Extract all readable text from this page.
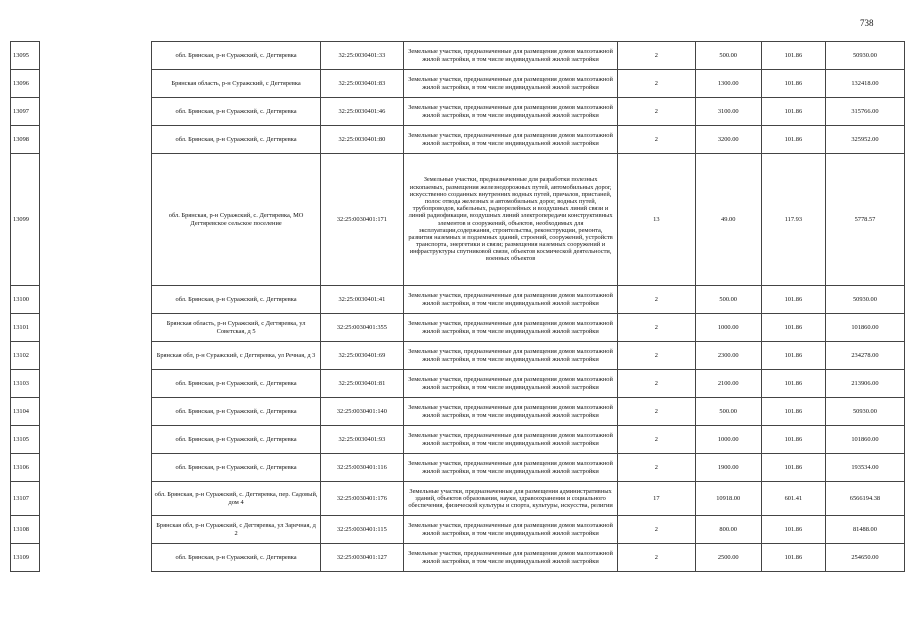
738
13095		обл. Брянская, р-н Суражский, с. Дегтяревка	32:25:0030401:33	Земельные участки, предназначенные для размещения домов малоэтажной жилой застройки, в том числе индивидуальной жилой застройки	2	500.00	101.86	50930.00
13096		Брянская область, р-н Суражский, с Дегтяревка	32:25:0030401:83	Земельные участки, предназначенные для размещения домов малоэтажной жилой застройки, в том числе индивидуальной жилой застройки	2	1300.00	101.86	132418.00
13097		обл. Брянская, р-н Суражский, с. Дегтяревка	32:25:0030401:46	Земельные участки, предназначенные для размещения домов малоэтажной жилой застройки, в том числе индивидуальной жилой застройки	2	3100.00	101.86	315766.00
13098		обл. Брянская, р-н Суражский, с. Дегтяревка	32:25:0030401:80	Земельные участки, предназначенные для размещения домов малоэтажной жилой застройки, в том числе индивидуальной жилой застройки	2	3200.00	101.86	325952.00
13099		обл. Брянская, р-н Суражский, с. Дегтяревка, МО Дегтяревское сельское поселение	32:25:0030401:171	Земельные участки, предназначенные для разработки полезных ископаемых, размещения железнодорожных путей, автомобильных дорог, искусственно созданных внутренних водных путей, причалов, пристаней, полос отвода железных и автомобильных дорог, водных путей, трубопроводов, кабельных, радиорелейных и воздушных линий связи и линий радиофикации, воздушных линий электропередачи конструктивных элементов и сооружений, объектов, необходимых для эксплуатации,содержания, строительства, реконструкции, ремонта, развития наземных и подземных зданий, строений, сооружений, устройств транспорта, энергетики и связи; размещения наземных сооружений и инфраструктуры спутниковой связи, объектов космической деятельности, военных объектов	13	49.00	117.93	5778.57
13100		обл. Брянская, р-н Суражский, с. Дегтяревка	32:25:0030401:41	Земельные участки, предназначенные для размещения домов малоэтажной жилой застройки, в том числе индивидуальной жилой застройки	2	500.00	101.86	50930.00
13101		Брянская область, р-н Суражский, с Дегтяревка, ул Советская, д 5	32:25:0030401:355	Земельные участки, предназначенные для размещения домов малоэтажной жилой застройки, в том числе индивидуальной жилой застройки	2	1000.00	101.86	101860.00
13102		Брянская обл, р-н Суражский, с Дегтяревка, ул Речная, д 3	32:25:0030401:69	Земельные участки, предназначенные для размещения домов малоэтажной жилой застройки, в том числе индивидуальной жилой застройки	2	2300.00	101.86	234278.00
13103		обл. Брянская, р-н Суражский, с. Дегтяревка	32:25:0030401:81	Земельные участки, предназначенные для размещения домов малоэтажной жилой застройки, в том числе индивидуальной жилой застройки	2	2100.00	101.86	213906.00
13104		обл. Брянская, р-н Суражский, с. Дегтяревка	32:25:0030401:140	Земельные участки, предназначенные для размещения домов малоэтажной жилой застройки, в том числе индивидуальной жилой застройки	2	500.00	101.86	50930.00
13105		обл. Брянская, р-н Суражский, с. Дегтяревка	32:25:0030401:93	Земельные участки, предназначенные для размещения домов малоэтажной жилой застройки, в том числе индивидуальной жилой застройки	2	1000.00	101.86	101860.00
13106		обл. Брянская, р-н Суражский, с. Дегтяревка	32:25:0030401:116	Земельные участки, предназначенные для размещения домов малоэтажной жилой застройки, в том числе индивидуальной жилой застройки	2	1900.00	101.86	193534.00
13107		обл. Брянская, р-н Суражский, с. Дегтяревка, пер. Садовый, дом 4	32:25:0030401:176	Земельные участки, предназначенные для размещения административных зданий, объектов образования, науки, здравоохранения и социального обеспечения, физической культуры и спорта, культуры, искусства, религии	17	10918.00	601.41	6566194.38
13108		Брянская обл, р-н Суражский, с Дегтяревка, ул Заречная, д 2	32:25:0030401:115	Земельные участки, предназначенные для размещения домов малоэтажной жилой застройки, в том числе индивидуальной жилой застройки	2	800.00	101.86	81488.00
13109		обл. Брянская, р-н Суражский, с. Дегтяревка	32:25:0030401:127	Земельные участки, предназначенные для размещения домов малоэтажной жилой застройки, в том числе индивидуальной жилой застройки	2	2500.00	101.86	254650.00
